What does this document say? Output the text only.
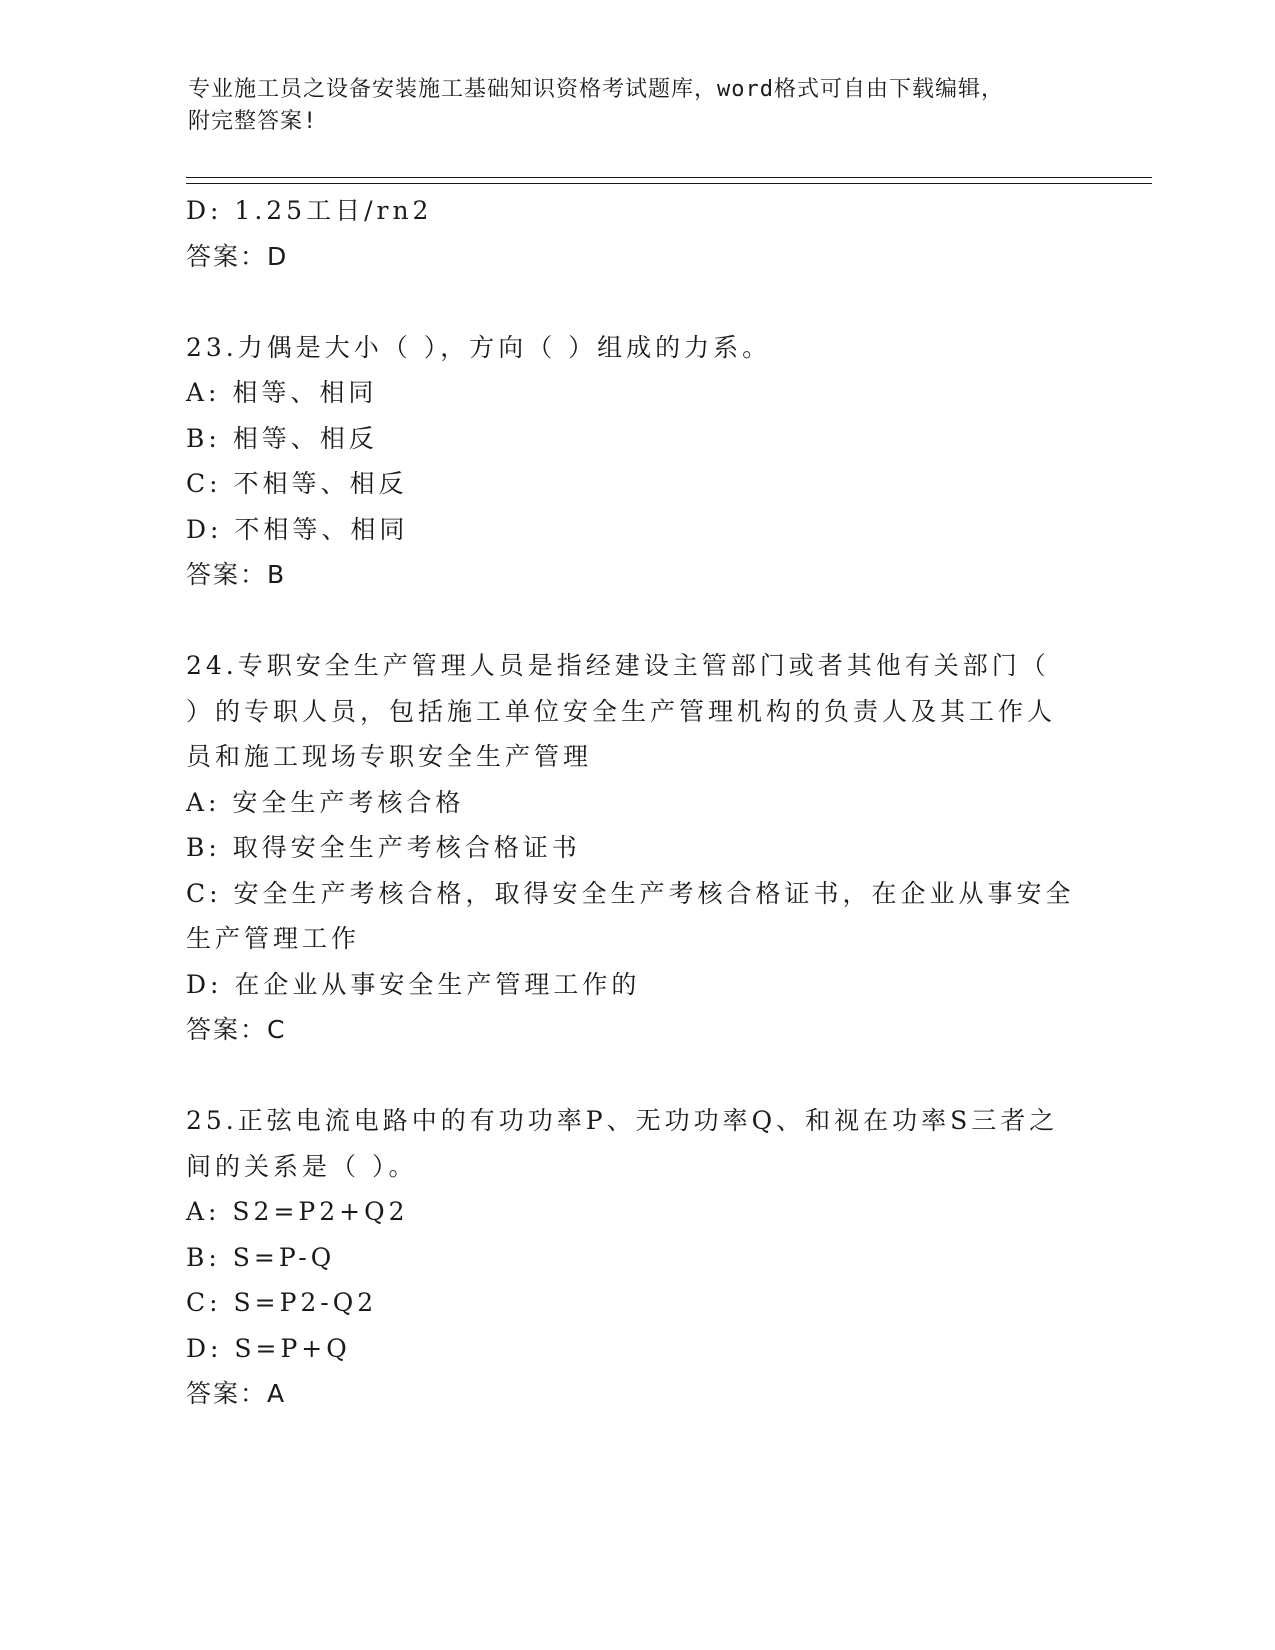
专业施工员之设备安装施工基础知识资格考试题库，word格式可自由下载编辑，
附完整答案!
D: 1.25工日/rn2
答案：D
23.力偶是大小（ ），方向（ ）组成的力系。
A: 相等、相同
B: 相等、相反
C: 不相等、相反
D: 不相等、相同
答案：B
24.专职安全生产管理人员是指经建设主管部门或者其他有关部门（
）的专职人员，包括施工单位安全生产管理机构的负责人及其工作人
员和施工现场专职安全生产管理
A: 安全生产考核合格
B: 取得安全生产考核合格证书
C: 安全生产考核合格，取得安全生产考核合格证书，在企业从事安全
生产管理工作
D: 在企业从事安全生产管理工作的
答案：C
25.正弦电流电路中的有功功率P、无功功率Q、和视在功率S三者之
间的关系是（ ）。
A: S2=P2+Q2
B: S=P-Q
C: S=P2-Q2
D: S=P+Q
答案：A
